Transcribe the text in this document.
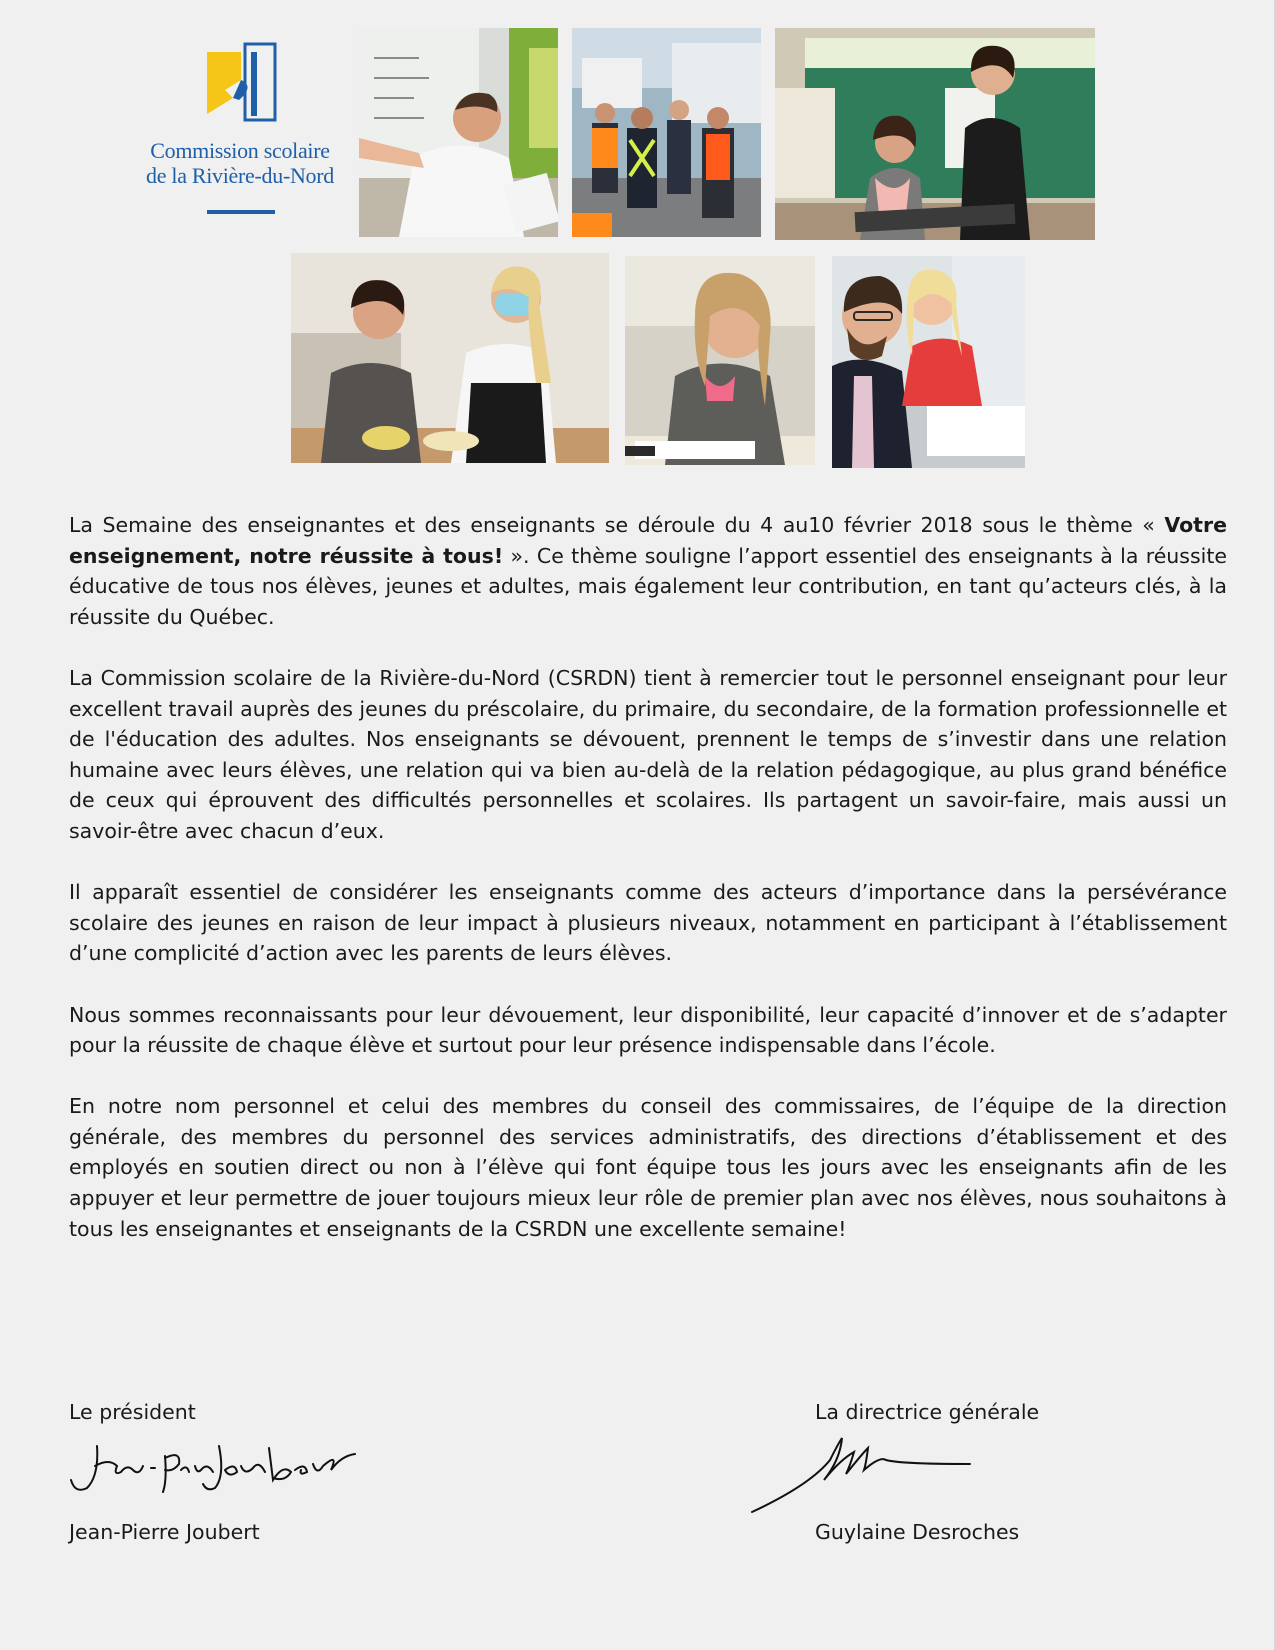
Commission scolaire
de la Rivière-du-Nord

La Semaine des enseignantes et des enseignants se déroule du 4 au10 février 2018 sous le thème « Votre enseignement, notre réussite à tous! ». Ce thème souligne l’apport essentiel des enseignants à la réussite éducative de tous nos élèves, jeunes et adultes, mais également leur contribution, en tant qu’acteurs clés, à la réussite du Québec.

La Commission scolaire de la Rivière-du-Nord (CSRDN) tient à remercier tout le personnel enseignant pour leur excellent travail auprès des jeunes du préscolaire, du primaire, du secondaire, de la formation professionnelle et de l'éducation des adultes. Nos enseignants se dévouent, prennent le temps de s’investir dans une relation humaine avec leurs élèves, une relation qui va bien au-delà de la relation pédagogique, au plus grand bénéfice de ceux qui éprouvent des difficultés personnelles et scolaires. Ils partagent un savoir-faire, mais aussi un savoir-être avec chacun d’eux.

Il apparaît essentiel de considérer les enseignants comme des acteurs d’importance dans la persévérance scolaire des jeunes en raison de leur impact à plusieurs niveaux, notamment en participant à l’établissement d’une complicité d’action avec les parents de leurs élèves.

Nous sommes reconnaissants pour leur dévouement, leur disponibilité, leur capacité d’innover et de s’adapter pour la réussite de chaque élève et surtout pour leur présence indispensable dans l’école.

En notre nom personnel et celui des membres du conseil des commissaires, de l’équipe de la direction générale, des membres du personnel des services administratifs, des directions d’établissement et des employés en soutien direct ou non à l’élève qui font équipe tous les jours avec les enseignants afin de les appuyer et leur permettre de jouer toujours mieux leur rôle de premier plan avec nos élèves, nous souhaitons à tous les enseignantes et enseignants de la CSRDN une excellente semaine!

Le président
Jean-Pierre Joubert
La directrice générale
Guylaine Desroches
